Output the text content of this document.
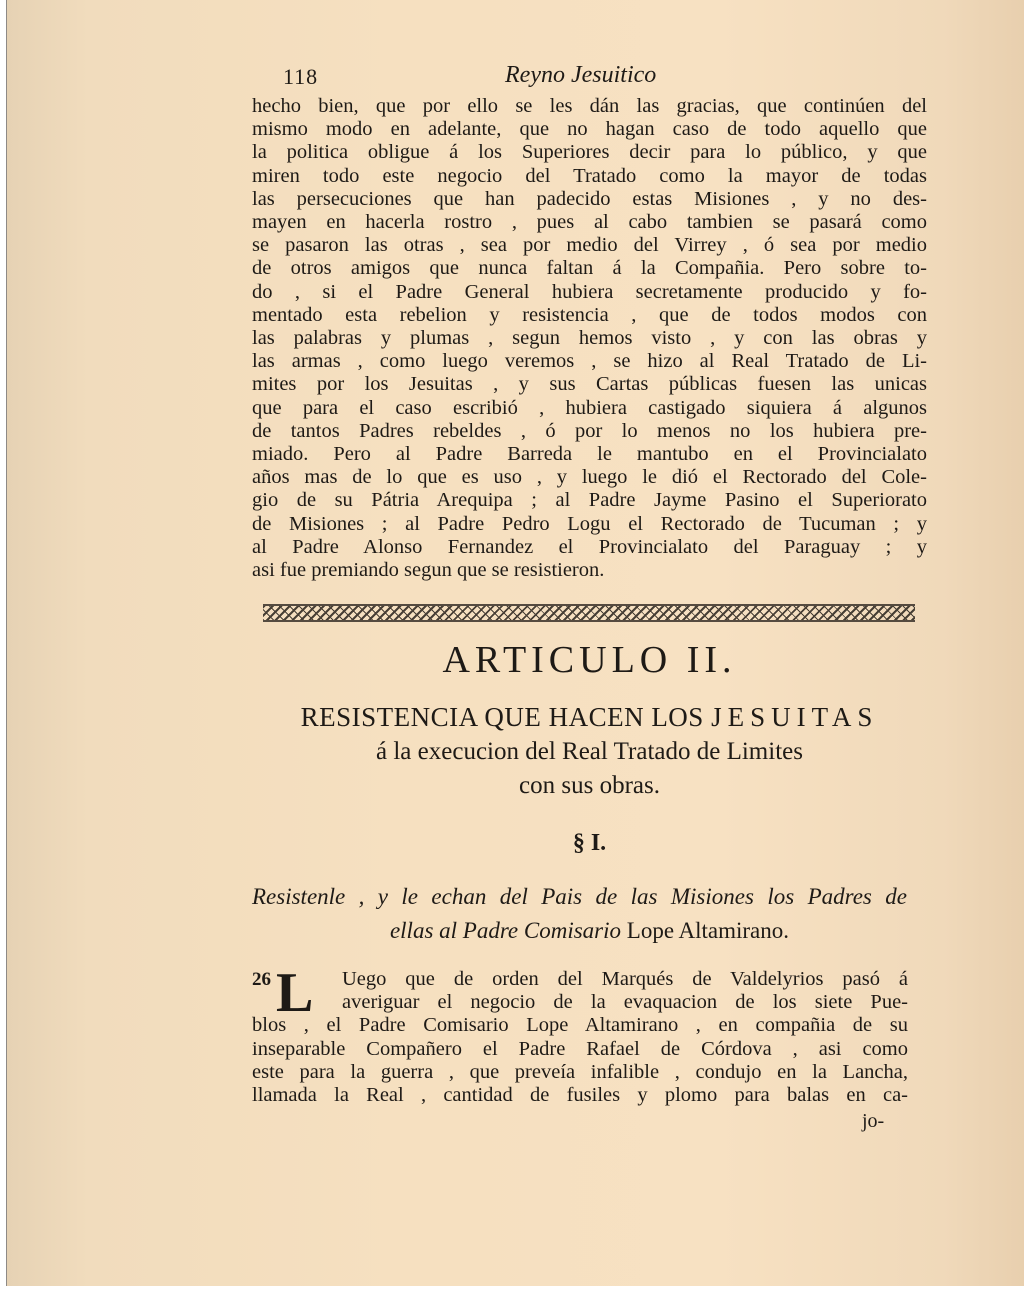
118	Reyno Jesuitico
hecho bien, que por ello se les dán las gracias, que continúen del
mismo modo en adelante, que no hagan caso de todo aquello que
la politica obligue á los Superiores decir para lo público, y que
miren todo este negocio del Tratado como la mayor de todas
las persecuciones que han padecido estas Misiones , y no des-
mayen en hacerla rostro , pues al cabo tambien se pasará como
se pasaron las otras , sea por medio del Virrey , ó sea por medio
de otros amigos que nunca faltan á la Compañia. Pero sobre to-
do , si el Padre General hubiera secretamente producido y fo-
mentado esta rebelion y resistencia , que de todos modos con
las palabras y plumas , segun hemos visto , y con las obras y
las armas , como luego veremos , se hizo al Real Tratado de Li-
mites por los Jesuitas , y sus Cartas públicas fuesen las unicas
que para el caso escribió , hubiera castigado siquiera á algunos
de tantos Padres rebeldes , ó por lo menos no los hubiera pre-
miado. Pero al Padre Barreda le mantubo en el Provincialato
años mas de lo que es uso , y luego le dió el Rectorado del Cole-
gio de su Pátria Arequipa ; al Padre Jayme Pasino el Superiorato
de Misiones ; al Padre Pedro Logu el Rectorado de Tucuman ; y
al Padre Alonso Fernandez el Provincialato del Paraguay ; y
asi fue premiando segun que se resistieron.
ARTICULO II.
RESISTENCIA QUE HACEN LOS JESUITAS
á la execucion del Real Tratado de Limites
con sus obras.
§ I.
Resistenle , y le echan del Pais de las Misiones los Padres de
ellas al Padre Comisario Lope Altamirano.
26 L	Uego que de orden del Marqués de Valdelyrios pasó á
averiguar el negocio de la evaquacion de los siete Pue-
blos , el Padre Comisario Lope Altamirano , en compañia de su
inseparable Compañero el Padre Rafael de Córdova , asi como
este para la guerra , que preveía infalible , condujo en la Lancha,
llamada la Real , cantidad de fusiles y plomo para balas en ca-
jo-
